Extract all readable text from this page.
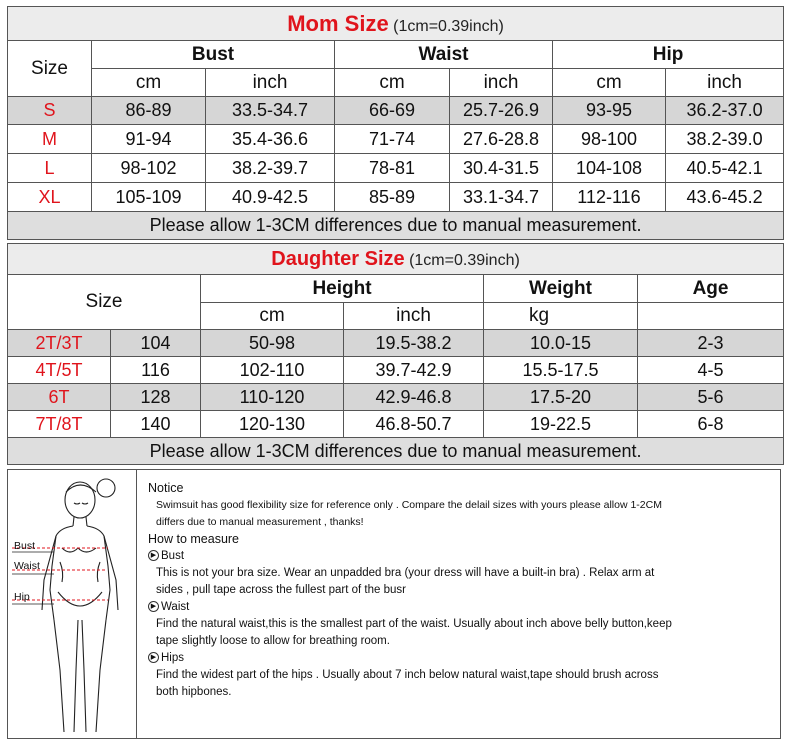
Mom Size (1cm=0.39inch)						
Size	Bust		Waist		Hip	
	cm	inch	cm	inch	cm	inch
S	86-89	33.5-34.7	66-69	25.7-26.9	93-95	36.2-37.0
M	91-94	35.4-36.6	71-74	27.6-28.8	98-100	38.2-39.0
L	98-102	38.2-39.7	78-81	30.4-31.5	104-108	40.5-42.1
XL	105-109	40.9-42.5	85-89	33.1-34.7	112-116	43.6-45.2
Please allow 1-3CM differences due to manual measurement.						
Daughter Size (1cm=0.39inch)					
Size		Height		Weight	Age
		cm	inch	kg	
2T/3T	104	50-98	19.5-38.2	10.0-15	2-3
4T/5T	116	102-110	39.7-42.9	15.5-17.5	4-5
6T	128	110-120	42.9-46.8	17.5-20	5-6
7T/8T	140	120-130	46.8-50.7	19-22.5	6-8
Please allow 1-3CM differences due to manual measurement.					
Bust
Waist
Hip
Notice
Swimsuit has good flexibility size for reference only . Compare the delail sizes with yours please allow 1-2CM
differs due to manual measurement , thanks!
How to measure
▶ Bust
This is not your bra size. Wear an unpadded bra (your dress will have a built-in bra) . Relax arm at
sides , pull tape across the fullest part of the busr
▶ Waist
Find the natural waist,this is the smallest part of the waist. Usually about inch above belly button,keep
tape slightly loose to allow for breathing room.
▶ Hips
Find the widest part of the hips . Usually about 7 inch below natural waist,tape should brush across
both hipbones.
